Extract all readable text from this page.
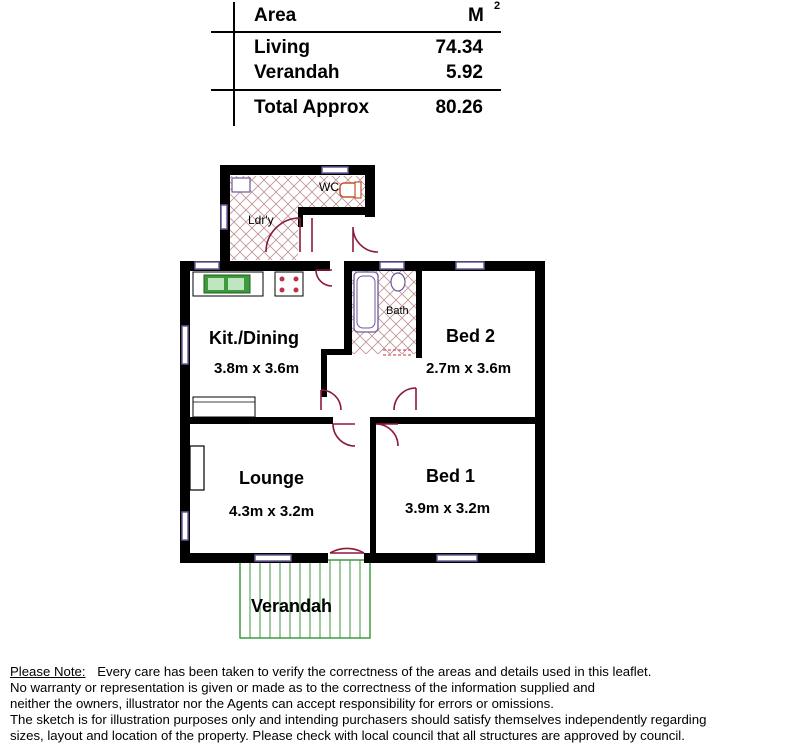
Area	M 2
Living	74.34
Verandah	5.92
Total Approx	80.26
Ldr'y
WC
Bath
Kit./Dining
3.8m x 3.6m
Bed 2
2.7m x 3.6m
Lounge
4.3m x 3.2m
Bed 1
3.9m x 3.2m
Verandah

Please Note: Every care has been taken to verify the correctness of the areas and details used in this leaflet.

No warranty or representation is given or made as to the correctness of the information supplied and

neither the owners, illustrator nor the Agents can accept responsibility for errors or omissions.

The sketch is for illustration purposes only and intending purchasers should satisfy themselves independently regarding

sizes, layout and location of the property. Please check with local council that all structures are approved by council.
